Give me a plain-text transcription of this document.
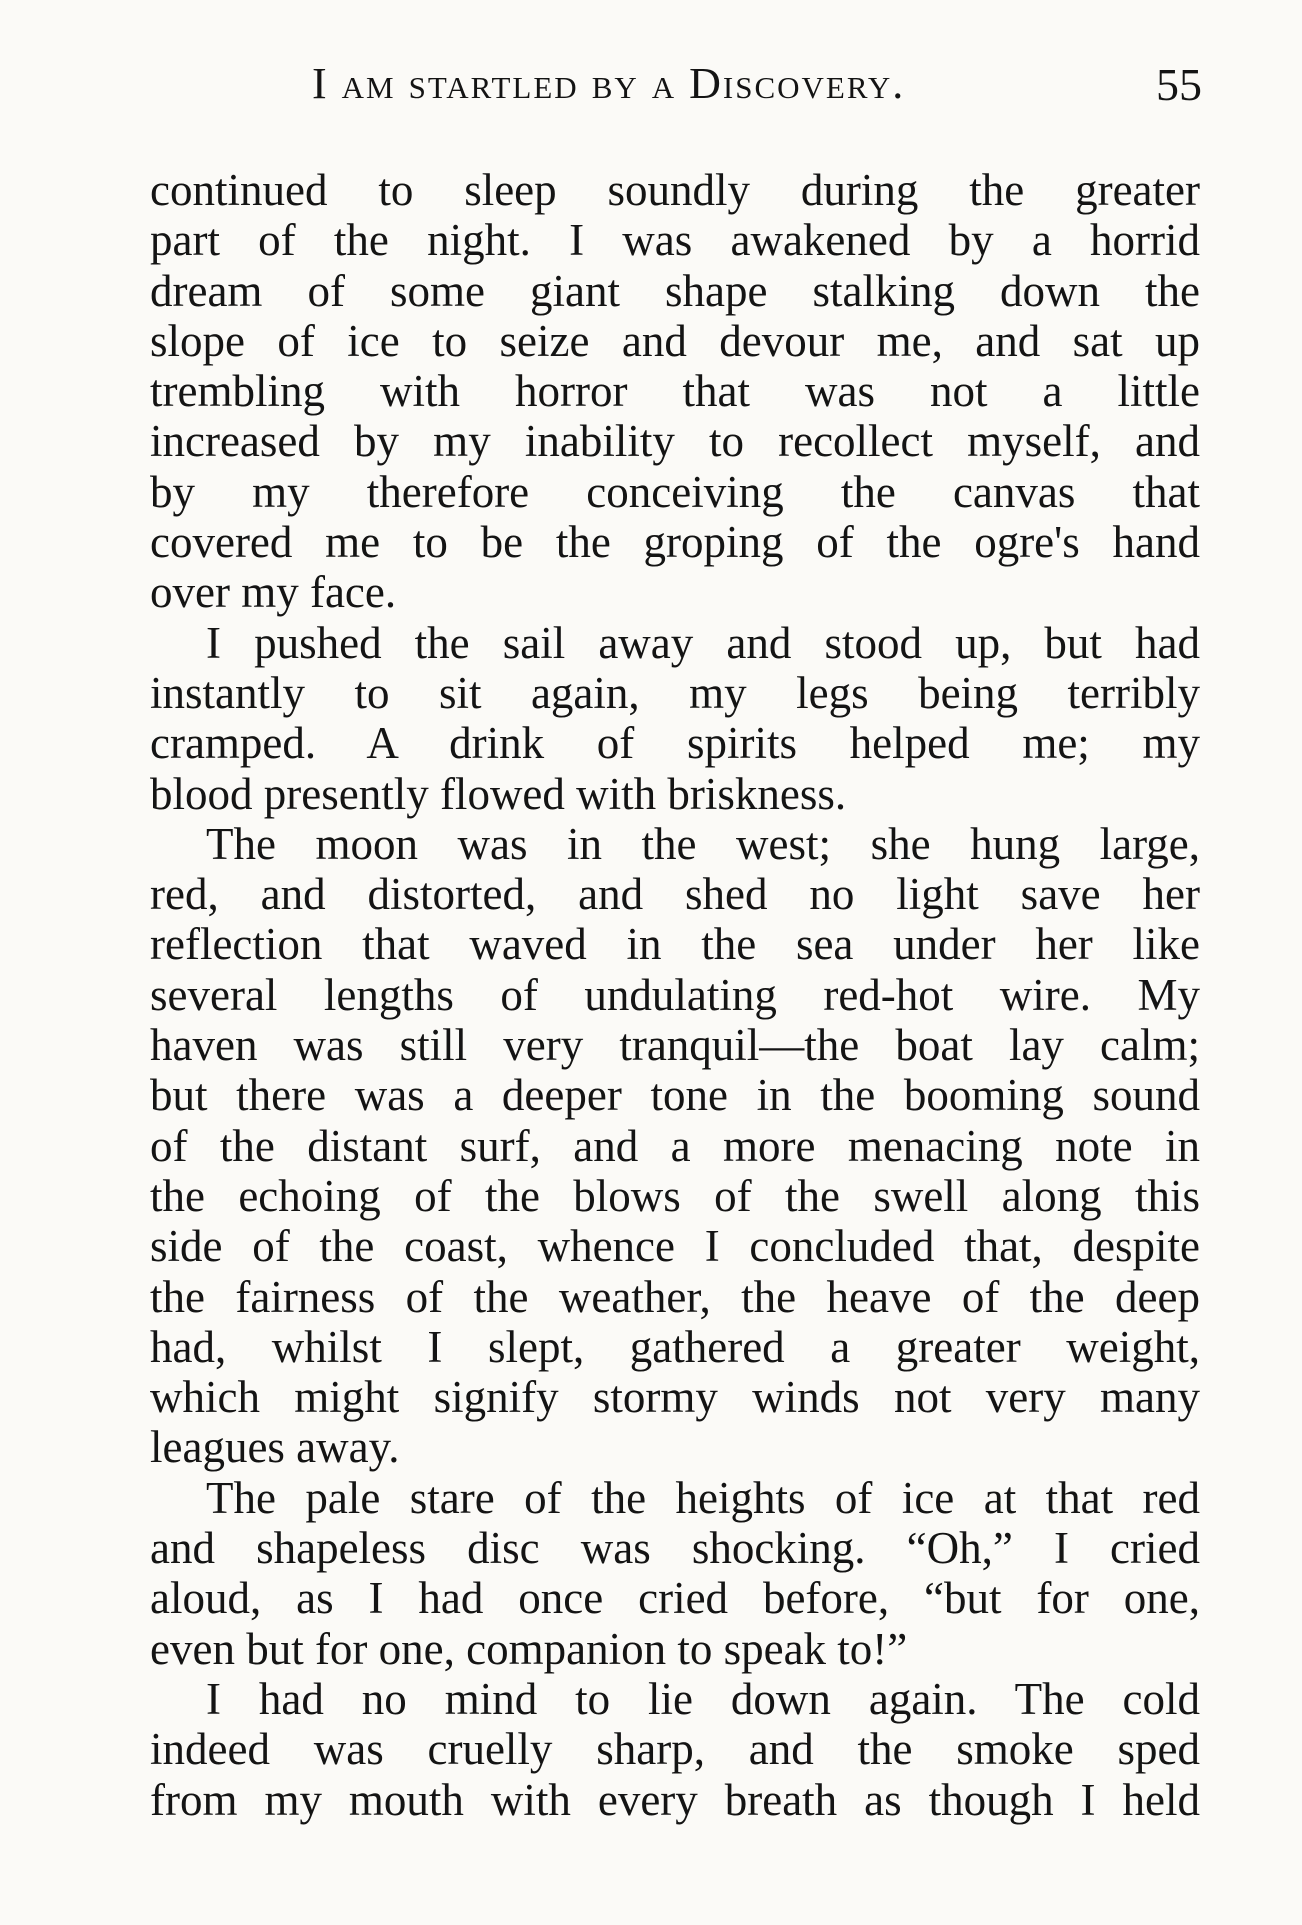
I am startled by a Discovery.	55
continued to sleep soundly during the greater
part of the night. I was awakened by a horrid
dream of some giant shape stalking down the
slope of ice to seize and devour me, and sat up
trembling with horror that was not a little
increased by my inability to recollect myself, and
by my therefore conceiving the canvas that
covered me to be the groping of the ogre's hand
over my face.
I pushed the sail away and stood up, but had
instantly to sit again, my legs being terribly
cramped. A drink of spirits helped me; my
blood presently flowed with briskness.
The moon was in the west; she hung large,
red, and distorted, and shed no light save her
reflection that waved in the sea under her like
several lengths of undulating red-hot wire. My
haven was still very tranquil—the boat lay calm;
but there was a deeper tone in the booming sound
of the distant surf, and a more menacing note in
the echoing of the blows of the swell along this
side of the coast, whence I concluded that, despite
the fairness of the weather, the heave of the deep
had, whilst I slept, gathered a greater weight,
which might signify stormy winds not very many
leagues away.
The pale stare of the heights of ice at that red
and shapeless disc was shocking. “Oh,” I cried
aloud, as I had once cried before, “but for one,
even but for one, companion to speak to!”
I had no mind to lie down again. The cold
indeed was cruelly sharp, and the smoke sped
from my mouth with every breath as though I held
